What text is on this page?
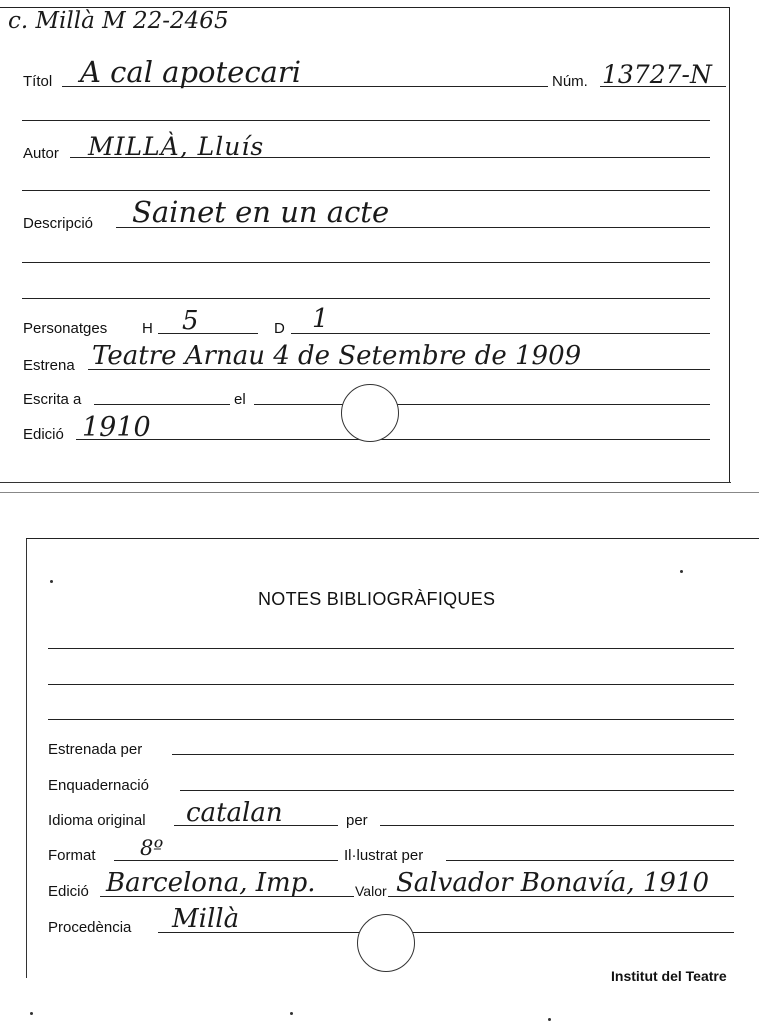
c. Millà M 22-2465
Títol A cal apotecari	Núm. 13727-N
Autor MILLÀ, Lluís
Descripció Sainet en un acte
Personatges H 5	D 1
Estrena Teatre Arnau 4 de Setembre de 1909
Escrita a	el
Edició 1910
NOTES BIBLIOGRÀFIQUES
Estrenada per
Enquadernació
Idioma original catalan	per
Format 8º	Il·lustrat per
Edició Barcelona, Imp.	Valor Salvador Bonavía, 1910
Procedència Millà
Institut del Teatre
